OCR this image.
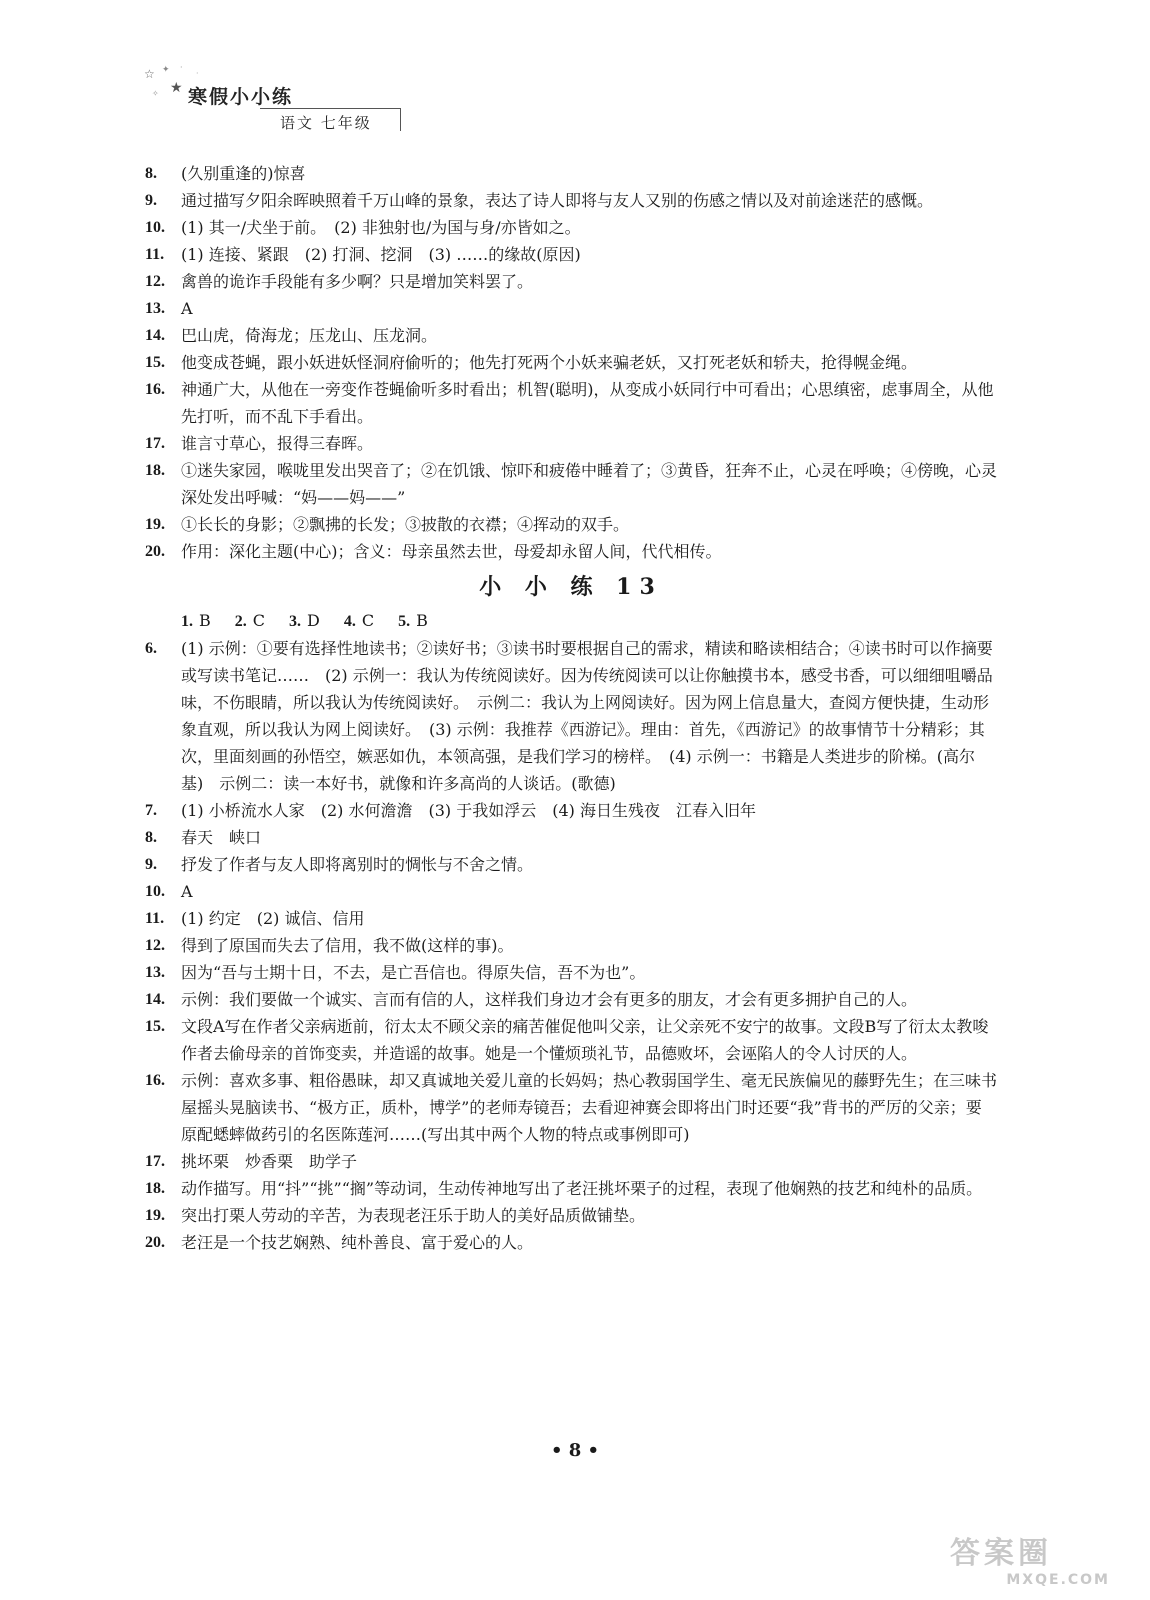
☆ ✦ ·
★
✧
·
寒假小小练
语文 七年级
8. (久别重逢的)惊喜
9. 通过描写夕阳余晖映照着千万山峰的景象，表达了诗人即将与友人又别的伤感之情以及对前途迷茫的感慨。
10. (1) 其一/犬坐于前。　(2) 非独射也/为国与身/亦皆如之。
11. (1) 连接、紧跟　(2) 打洞、挖洞　(3) ……的缘故(原因)
12. 禽兽的诡诈手段能有多少啊？只是增加笑料罢了。
13. A
14. 巴山虎，倚海龙；压龙山、压龙洞。
15. 他变成苍蝇，跟小妖进妖怪洞府偷听的；他先打死两个小妖来骗老妖，又打死老妖和轿夫，抢得幌金绳。
16. 神通广大，从他在一旁变作苍蝇偷听多时看出；机智(聪明)，从变成小妖同行中可看出；心思缜密，虑事周全，从他先打听，而不乱下手看出。
17. 谁言寸草心，报得三春晖。
18. ①迷失家园，喉咙里发出哭音了；②在饥饿、惊吓和疲倦中睡着了；③黄昏，狂奔不止，心灵在呼唤；④傍晚，心灵深处发出呼喊：“妈——妈——”
19. ①长长的身影；②飘拂的长发；③披散的衣襟；④挥动的双手。
20. 作用：深化主题(中心)；含义：母亲虽然去世，母爱却永留人间，代代相传。
小 小 练 13
1. B 2. C 3. D 4. C 5. B
6. (1) 示例：①要有选择性地读书；②读好书；③读书时要根据自己的需求，精读和略读相结合；④读书时可以作摘要或写读书笔记……　(2) 示例一：我认为传统阅读好。因为传统阅读可以让你触摸书本，感受书香，可以细细咀嚼品味，不伤眼睛，所以我认为传统阅读好。　示例二：我认为上网阅读好。因为网上信息量大，查阅方便快捷，生动形象直观，所以我认为网上阅读好。　(3) 示例：我推荐《西游记》。理由：首先，《西游记》的故事情节十分精彩；其次，里面刻画的孙悟空，嫉恶如仇，本领高强，是我们学习的榜样。　(4) 示例一：书籍是人类进步的阶梯。(高尔基)　示例二：读一本好书，就像和许多高尚的人谈话。(歌德)
7. (1) 小桥流水人家　(2) 水何澹澹　(3) 于我如浮云　(4) 海日生残夜　江春入旧年
8. 春天　峡口
9. 抒发了作者与友人即将离别时的惆怅与不舍之情。
10. A
11. (1) 约定　(2) 诚信、信用
12. 得到了原国而失去了信用，我不做(这样的事)。
13. 因为“吾与士期十日，不去，是亡吾信也。得原失信，吾不为也”。
14. 示例：我们要做一个诚实、言而有信的人，这样我们身边才会有更多的朋友，才会有更多拥护自己的人。
15. 文段A写在作者父亲病逝前，衍太太不顾父亲的痛苦催促他叫父亲，让父亲死不安宁的故事。文段B写了衍太太教唆作者去偷母亲的首饰变卖，并造谣的故事。她是一个懂烦琐礼节，品德败坏，会诬陷人的令人讨厌的人。
16. 示例：喜欢多事、粗俗愚昧，却又真诚地关爱儿童的长妈妈；热心教弱国学生、毫无民族偏见的藤野先生；在三味书屋摇头晃脑读书、“极方正，质朴，博学”的老师寿镜吾；去看迎神赛会即将出门时还要“我”背书的严厉的父亲；要原配蟋蟀做药引的名医陈莲河……(写出其中两个人物的特点或事例即可)
17. 挑坏栗　炒香栗　助学子
18. 动作描写。用“抖”“挑”“搁”等动词，生动传神地写出了老汪挑坏栗子的过程，表现了他娴熟的技艺和纯朴的品质。
19. 突出打栗人劳动的辛苦，为表现老汪乐于助人的美好品质做铺垫。
20. 老汪是一个技艺娴熟、纯朴善良、富于爱心的人。
• 8 •
答案圈
MXQE.COM
